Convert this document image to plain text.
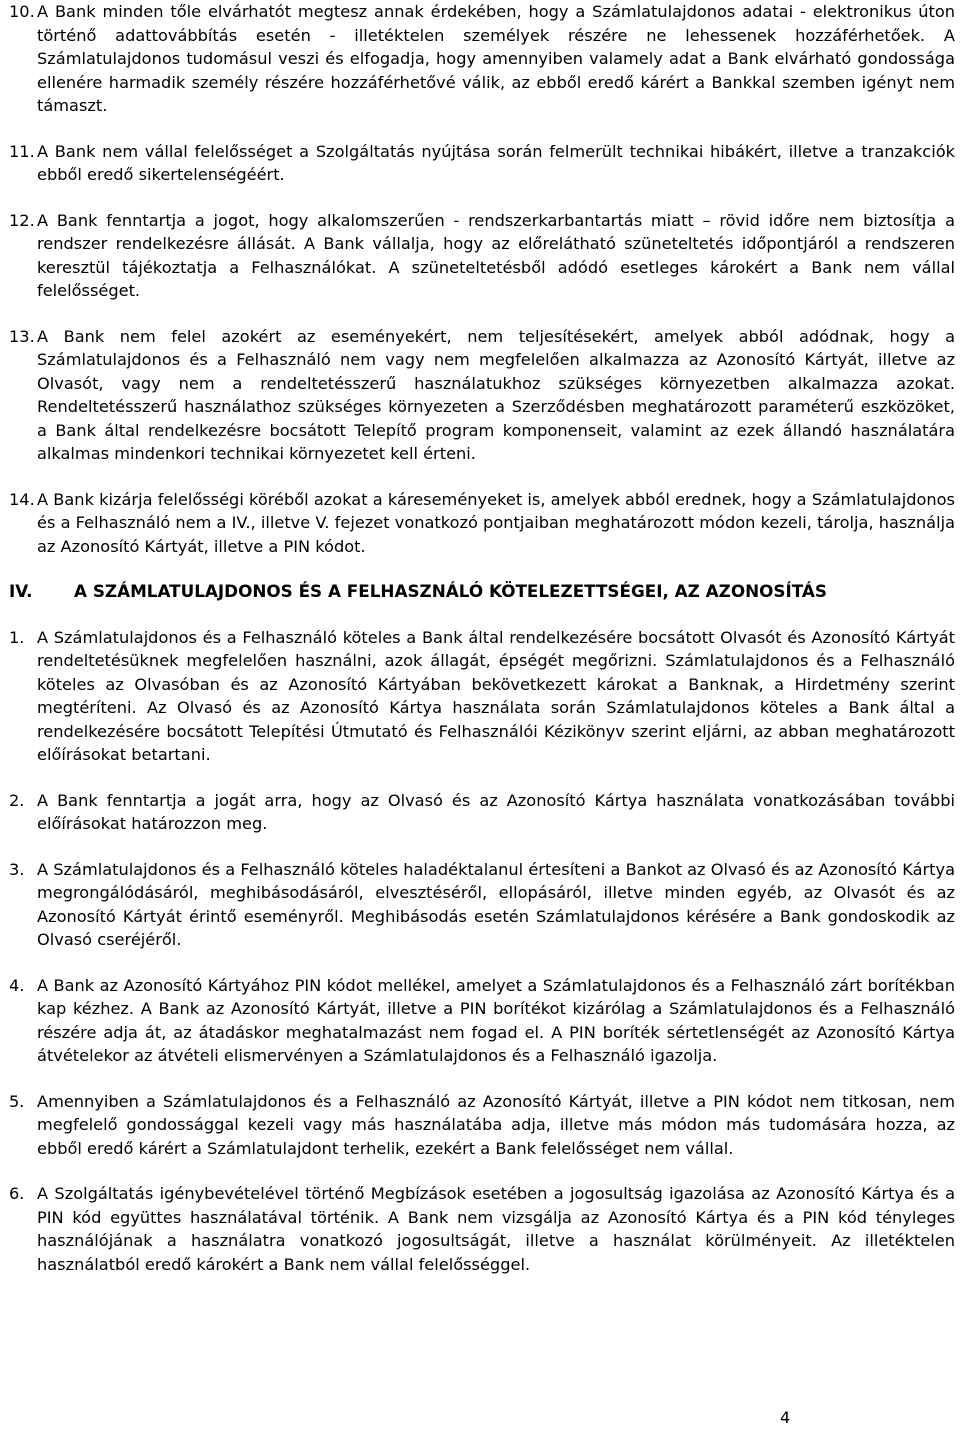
10. A Bank minden tőle elvárhatót megtesz annak érdekében, hogy a Számlatulajdonos adatai - elektronikus úton történő adattovábbítás esetén - illetéktelen személyek részére ne lehessenek hozzáférhetőek. A Számlatulajdonos tudomásul veszi és elfogadja, hogy amennyiben valamely adat a Bank elvárható gondossága ellenére harmadik személy részére hozzáférhetővé válik, az ebből eredő kárért a Bankkal szemben igényt nem támaszt.
11. A Bank nem vállal felelősséget a Szolgáltatás nyújtása során felmerült technikai hibákért, illetve a tranzakciók ebből eredő sikertelenségéért.
12. A Bank fenntartja a jogot, hogy alkalomszerűen - rendszerkarbantartás miatt – rövid időre nem biztosítja a rendszer rendelkezésre állását. A Bank vállalja, hogy az előrelátható szüneteltetés időpontjáról a rendszeren keresztül tájékoztatja a Felhasználókat. A szüneteltetésből adódó esetleges károkért a Bank nem vállal felelősséget.
13. A Bank nem felel azokért az eseményekért, nem teljesítésekért, amelyek abból adódnak, hogy a Számlatulajdonos és a Felhasználó nem vagy nem megfelelően alkalmazza az Azonosító Kártyát, illetve az Olvasót, vagy nem a rendeltetésszerű használatukhoz szükséges környezetben alkalmazza azokat. Rendeltetésszerű használathoz szükséges környezeten a Szerződésben meghatározott paraméterű eszközöket, a Bank által rendelkezésre bocsátott Telepítő program komponenseit, valamint az ezek állandó használatára alkalmas mindenkori technikai környezetet kell érteni.
14. A Bank kizárja felelősségi köréből azokat a káreseményeket is, amelyek abból erednek, hogy a Számlatulajdonos és a Felhasználó nem a IV., illetve V. fejezet vonatkozó pontjaiban meghatározott módon kezeli, tárolja, használja az Azonosító Kártyát, illetve a PIN kódot.
IV. A SZÁMLATULAJDONOS ÉS A FELHASZNÁLÓ KÖTELEZETTSÉGEI, AZ AZONOSÍTÁS
1. A Számlatulajdonos és a Felhasználó köteles a Bank által rendelkezésére bocsátott Olvasót és Azonosító Kártyát rendeltetésüknek megfelelően használni, azok állagát, épségét megőrizni. Számlatulajdonos és a Felhasználó köteles az Olvasóban és az Azonosító Kártyában bekövetkezett károkat a Banknak, a Hirdetmény szerint megtéríteni. Az Olvasó és az Azonosító Kártya használata során Számlatulajdonos köteles a Bank által a rendelkezésére bocsátott Telepítési Útmutató és Felhasználói Kézikönyv szerint eljárni, az abban meghatározott előírásokat betartani.
2. A Bank fenntartja a jogát arra, hogy az Olvasó és az Azonosító Kártya használata vonatkozásában további előírásokat határozzon meg.
3. A Számlatulajdonos és a Felhasználó köteles haladéktalanul értesíteni a Bankot az Olvasó és az Azonosító Kártya megrongálódásáról, meghibásodásáról, elvesztéséről, ellopásáról, illetve minden egyéb, az Olvasót és az Azonosító Kártyát érintő eseményről. Meghibásodás esetén Számlatulajdonos kérésére a Bank gondoskodik az Olvasó cseréjéről.
4. A Bank az Azonosító Kártyához PIN kódot mellékel, amelyet a Számlatulajdonos és a Felhasználó zárt borítékban kap kézhez. A Bank az Azonosító Kártyát, illetve a PIN borítékot kizárólag a Számlatulajdonos és a Felhasználó részére adja át, az átadáskor meghatalmazást nem fogad el. A PIN boríték sértetlenségét az Azonosító Kártya átvételekor az átvételi elismervényen a Számlatulajdonos és a Felhasználó igazolja.
5. Amennyiben a Számlatulajdonos és a Felhasználó az Azonosító Kártyát, illetve a PIN kódot nem titkosan, nem megfelelő gondossággal kezeli vagy más használatába adja, illetve más módon más tudomására hozza, az ebből eredő kárért a Számlatulajdont terhelik, ezekért a Bank felelősséget nem vállal.
6. A Szolgáltatás igénybevételével történő Megbízások esetében a jogosultság igazolása az Azonosító Kártya és a PIN kód együttes használatával történik. A Bank nem vizsgálja az Azonosító Kártya és a PIN kód tényleges használójának a használatra vonatkozó jogosultságát, illetve a használat körülményeit. Az illetéktelen használatból eredő károkért a Bank nem vállal felelősséggel.
4
